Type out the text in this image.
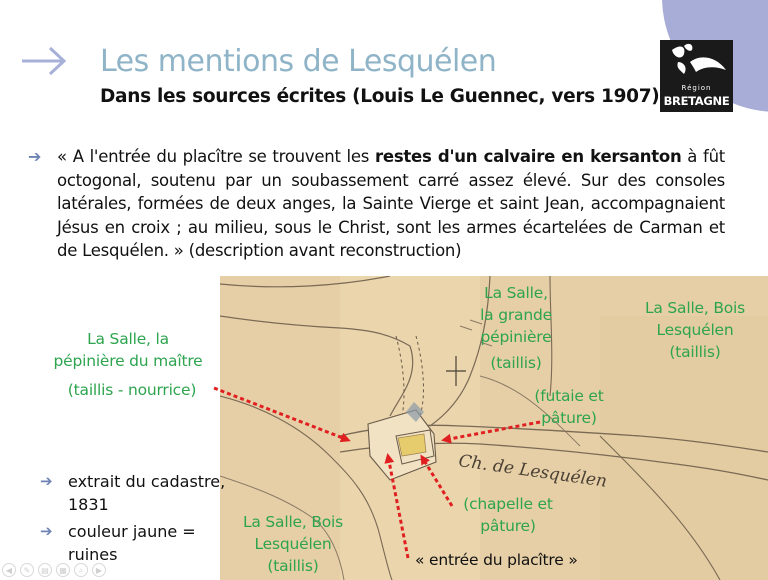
Les mentions de Lesquélen
Dans les sources écrites (Louis Le Guennec, vers 1907)	Région
BRETAGNE
➔ « A l'entrée du placître se trouvent les restes d'un calvaire en kersanton à fût octogonal, soutenu par un soubassement carré assez élevé. Sur des consoles latérales, formées de deux anges, la Sainte Vierge et saint Jean, accompagnaient Jésus en croix ; au milieu, sous le Christ, sont les armes écartelées de Carman et de Lesquélen. » (description avant reconstruction)

Ch. de Lesquélen
La Salle, la
pépinière du maître
(taillis - nourrice)
La Salle,
la grande
pépinière
(taillis)
La Salle, Bois
Lesquélen
(taillis)
(futaie et
pâture)
(chapelle et
pâture)
La Salle, Bois
Lesquélen
(taillis)	« entrée du placître »
➔ extrait du cadastre, 1831
➔ couleur jaune = ruines
◀	✎	▤	▦	⌕	▶
